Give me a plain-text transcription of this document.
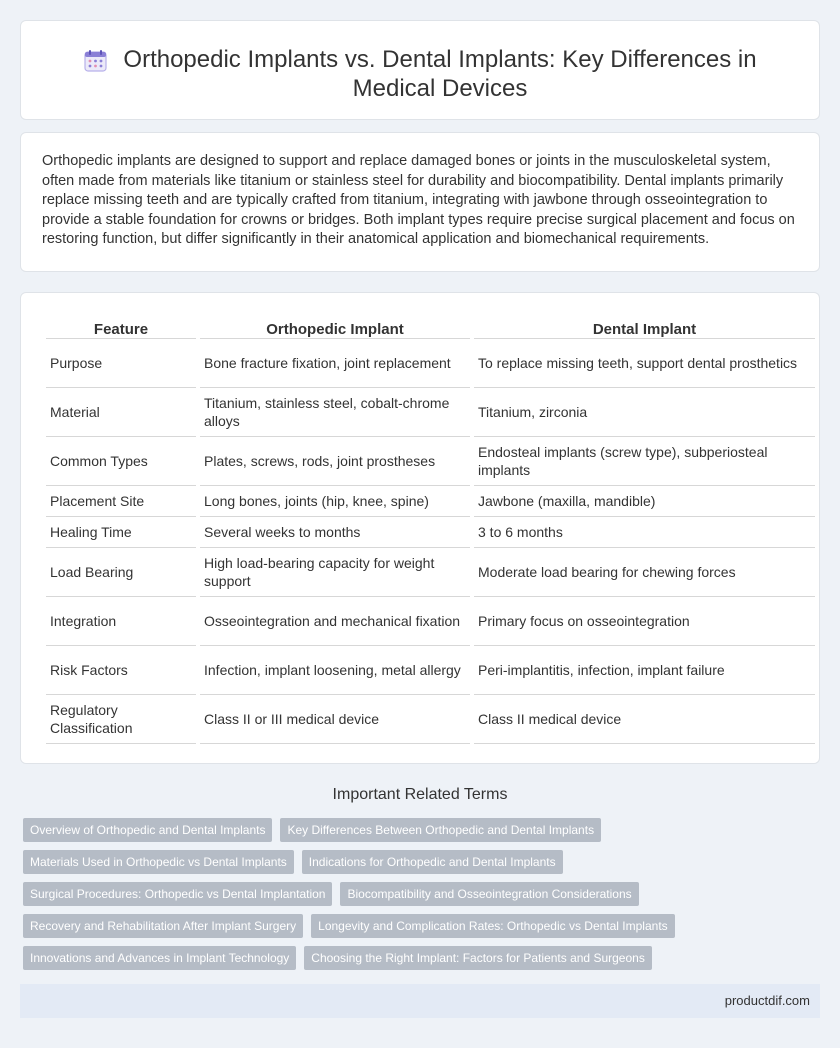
Orthopedic Implants vs. Dental Implants: Key Differences in Medical Devices

Orthopedic implants are designed to support and replace damaged bones or joints in the musculoskeletal system, often made from materials like titanium or stainless steel for durability and biocompatibility. Dental implants primarily replace missing teeth and are typically crafted from titanium, integrating with jawbone through osseointegration to provide a stable foundation for crowns or bridges. Both implant types require precise surgical placement and focus on restoring function, but differ significantly in their anatomical application and biomechanical requirements.

Feature	Orthopedic Implant	Dental Implant
Purpose	Bone fracture fixation, joint replacement	To replace missing teeth, support dental prosthetics
Material	Titanium, stainless steel, cobalt-chrome alloys	Titanium, zirconia
Common Types	Plates, screws, rods, joint prostheses	Endosteal implants (screw type), subperiosteal implants
Placement Site	Long bones, joints (hip, knee, spine)	Jawbone (maxilla, mandible)
Healing Time	Several weeks to months	3 to 6 months
Load Bearing	High load-bearing capacity for weight support	Moderate load bearing for chewing forces
Integration	Osseointegration and mechanical fixation	Primary focus on osseointegration
Risk Factors	Infection, implant loosening, metal allergy	Peri-implantitis, infection, implant failure
Regulatory Classification	Class II or III medical device	Class II medical device
Important Related Terms
Overview of Orthopedic and Dental Implants	Key Differences Between Orthopedic and Dental Implants
Materials Used in Orthopedic vs Dental Implants	Indications for Orthopedic and Dental Implants
Surgical Procedures: Orthopedic vs Dental Implantation	Biocompatibility and Osseointegration Considerations
Recovery and Rehabilitation After Implant Surgery	Longevity and Complication Rates: Orthopedic vs Dental Implants
Innovations and Advances in Implant Technology	Choosing the Right Implant: Factors for Patients and Surgeons
productdif.com
